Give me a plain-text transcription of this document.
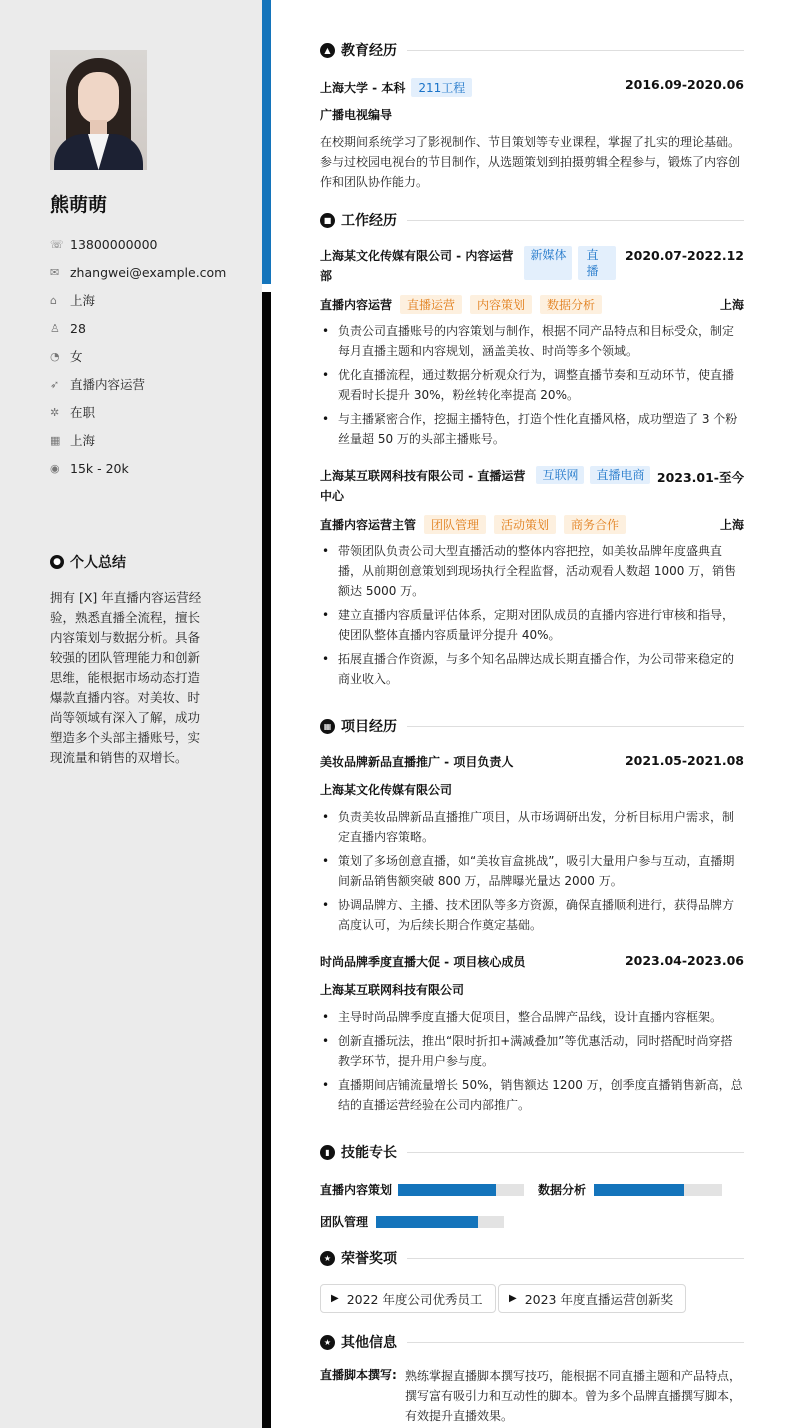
熊萌萌
☏ 13800000000
✉ zhangwei@example.com
⌂	上海
♙ 28
◔ 女
➶ 直播内容运营
✲ 在职
▦ 上海
◉ 15k - 20k
● 个人总结
拥有 [X] 年直播内容运营经验，熟悉直播全流程，擅长内容策划与数据分析。具备较强的团队管理能力和创新思维，能根据市场动态打造爆款直播内容。对美妆、时尚等领域有深入了解，成功塑造多个头部主播账号，实现流量和销售的双增长。
▲ 教育经历
上海大学 - 本科 211工程	2016.09-2020.06
广播电视编导
在校期间系统学习了影视制作、节目策划等专业课程，掌握了扎实的理论基础。参与过校园电视台的节目制作，从选题策划到拍摄剪辑全程参与，锻炼了内容创作和团队协作能力。
■ 工作经历
上海某文化传媒有限公司 - 内容运营部
新媒体	直播
2020.07-2022.12
直播内容运营 直播运营 内容策划 数据分析	上海
• 负责公司直播账号的内容策划与制作，根据不同产品特点和目标受众，制定每月直播主题和内容规划，涵盖美妆、时尚等多个领域。
• 优化直播流程，通过数据分析观众行为，调整直播节奏和互动环节，使直播观看时长提升 30%，粉丝转化率提高 20%。
• 与主播紧密合作，挖掘主播特色，打造个性化直播风格，成功塑造了 3 个粉丝量超 50 万的头部主播账号。
上海某互联网科技有限公司 - 直播运营中心
互联网	直播电商 2023.01-至今
直播内容运营主管 团队管理 活动策划 商务合作	上海
• 带领团队负责公司大型直播活动的整体内容把控，如美妆品牌年度盛典直播，从前期创意策划到现场执行全程监督，活动观看人数超 1000 万，销售额达 5000 万。
• 建立直播内容质量评估体系，定期对团队成员的直播内容进行审核和指导，使团队整体直播内容质量评分提升 40%。
• 拓展直播合作资源，与多个知名品牌达成长期直播合作，为公司带来稳定的商业收入。
▦ 项目经历
美妆品牌新品直播推广 - 项目负责人	2021.05-2021.08
上海某文化传媒有限公司
• 负责美妆品牌新品直播推广项目，从市场调研出发，分析目标用户需求，制定直播内容策略。
• 策划了多场创意直播，如“美妆盲盒挑战”，吸引大量用户参与互动，直播期间新品销售额突破 800 万，品牌曝光量达 2000 万。
• 协调品牌方、主播、技术团队等多方资源，确保直播顺利进行，获得品牌方高度认可，为后续长期合作奠定基础。
时尚品牌季度直播大促 - 项目核心成员	2023.04-2023.06
上海某互联网科技有限公司
• 主导时尚品牌季度直播大促项目，整合品牌产品线，设计直播内容框架。
• 创新直播玩法，推出“限时折扣+满减叠加”等优惠活动，同时搭配时尚穿搭教学环节，提升用户参与度。
• 直播期间店铺流量增长 50%，销售额达 1200 万，创季度直播销售新高，总结的直播运营经验在公司内部推广。
▮ 技能专长
直播内容策划	数据分析
团队管理
★ 荣誉奖项
▶ 2022 年度公司优秀员工	▶ 2023 年度直播运营创新奖
★ 其他信息
直播脚本撰写: 熟练掌握直播脚本撰写技巧，能根据不同直播主题和产品特点，撰写富有吸引力和互动性的脚本。曾为多个品牌直播撰写脚本，有效提升直播效果。
